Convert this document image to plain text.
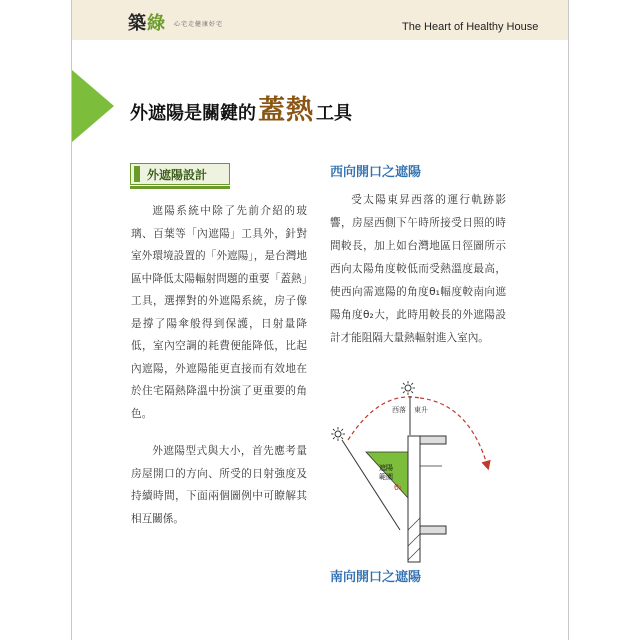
築綠 心宅走健康好宅	The Heart of Healthy House
外遮陽是關鍵的蓋熱 工具
外遮陽設計

遮陽系統中除了先前介紹的玻璃、百葉等「內遮陽」工具外，針對室外環境設置的「外遮陽」，是台灣地區中降低太陽輻射問題的重要「蓋熱」工具，選擇對的外遮陽系統，房子像是撐了陽傘般得到保護，日射量降低，室內空調的耗費便能降低，比起內遮陽，外遮陽能更直接而有效地在於住宅隔熱降溫中扮演了更重要的角色。

外遮陽型式與大小，首先應考量房屋開口的方向、所受的日射強度及持續時間，下面兩個圖例中可瞭解其相互關係。

西向開口之遮陽

受太陽東昇西落的運行軌跡影響，房屋西側下午時所接受日照的時間較長，加上如台灣地區日徑圖所示西向太陽角度較低而受熱溫度最高，使西向需遮陽的角度θ₁幅度較南向遮陽角度θ₂大，此時用較長的外遮陽設計才能阻隔大量熱輻射進入室內。

西落 東升
遮陽
範圍
θ₁
南向開口之遮陽
